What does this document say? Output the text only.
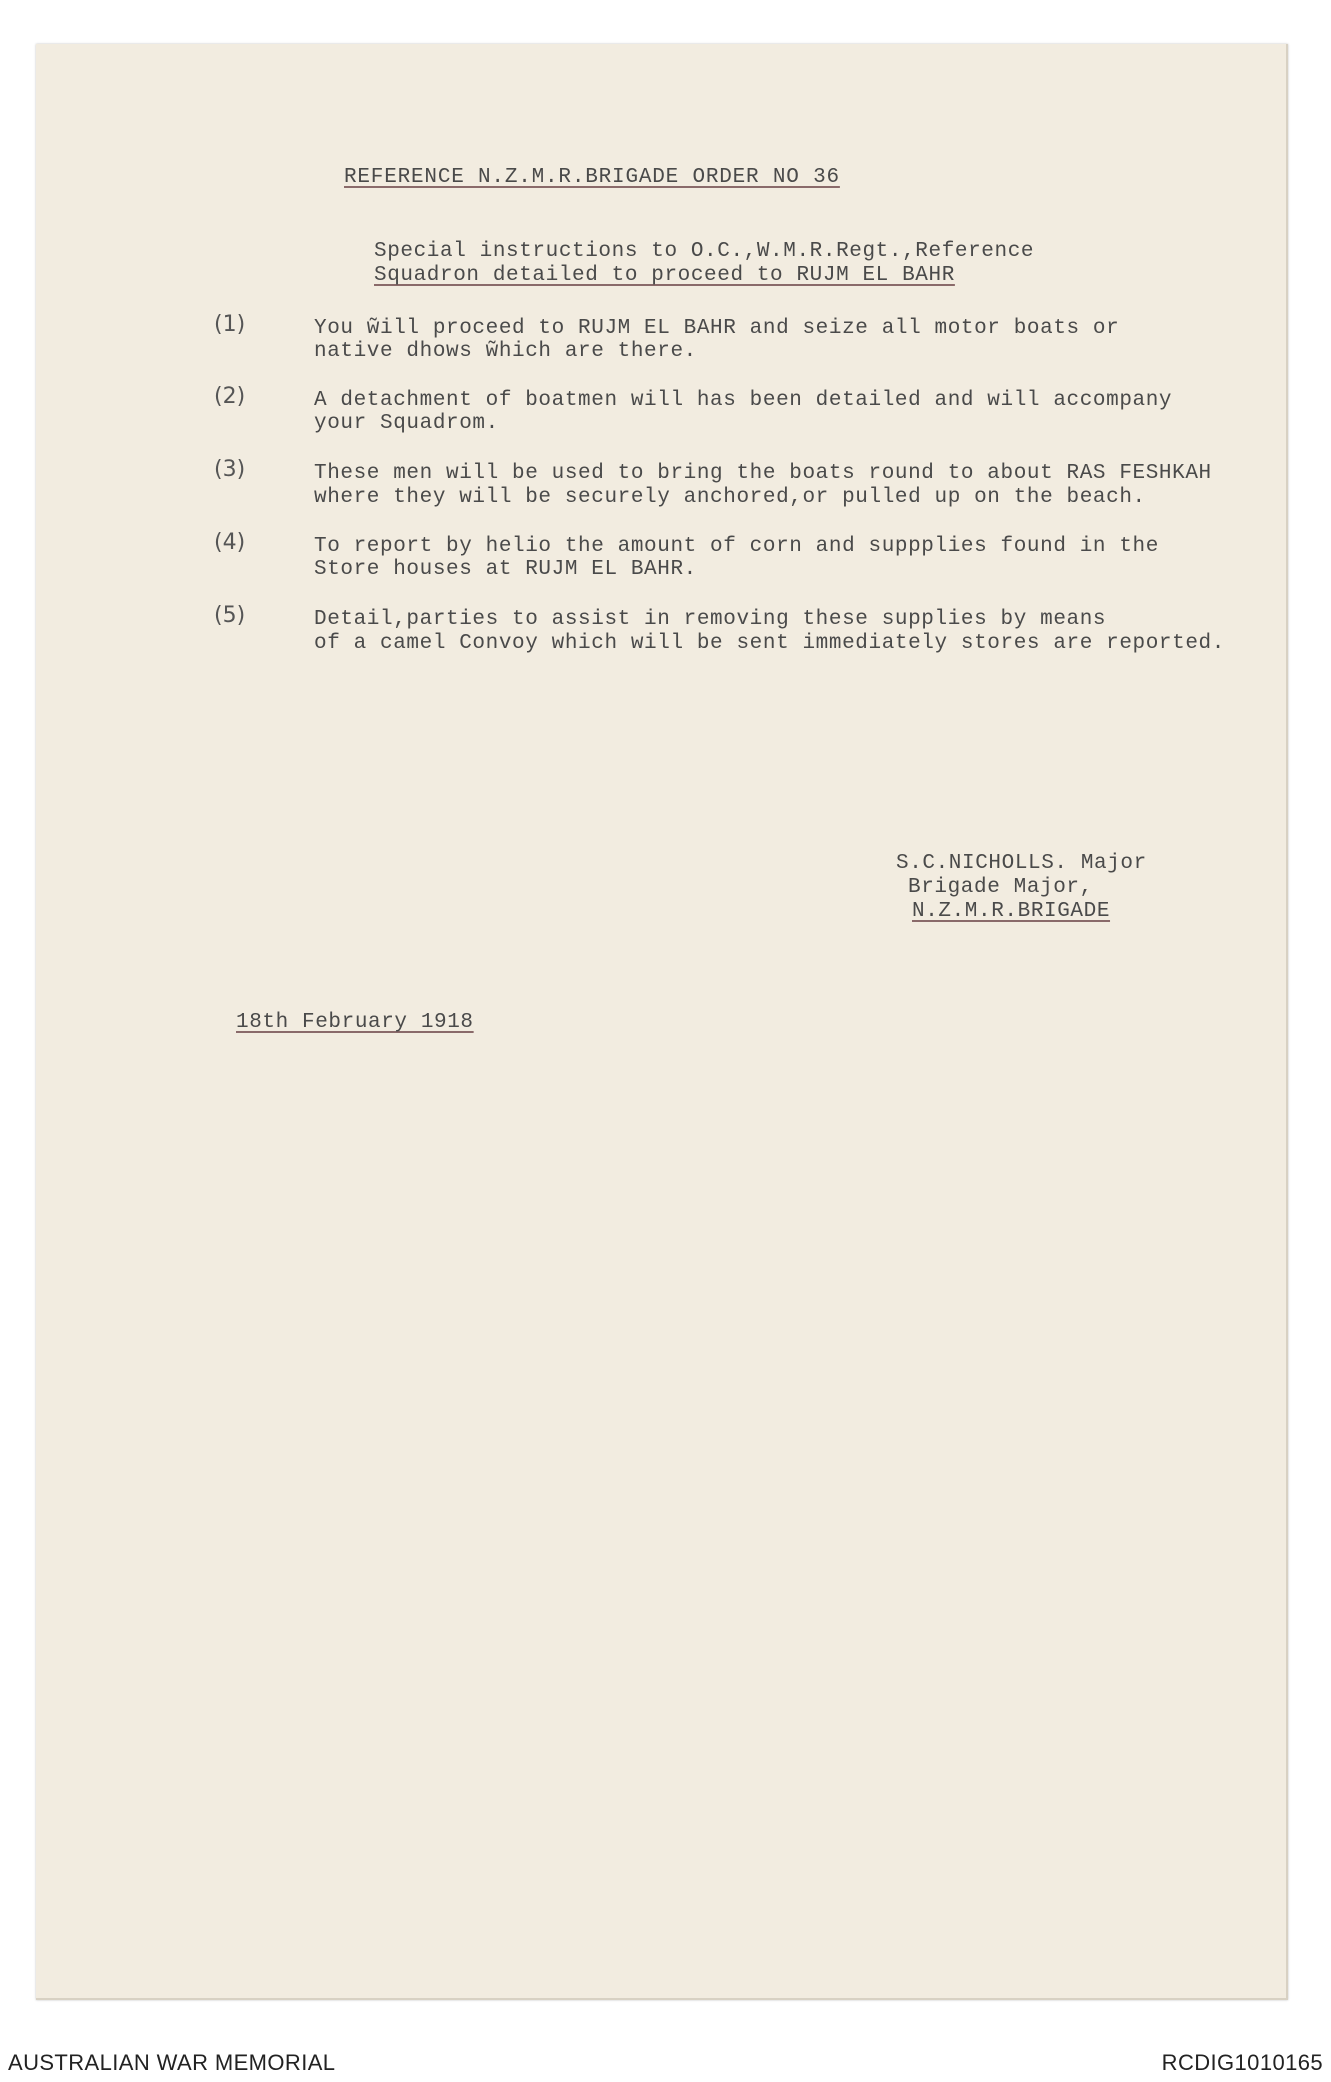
REFERENCE N.Z.M.R.BRIGADE ORDER NO 36
Special instructions to O.C.,W.M.R.Regt.,Reference
Squadron detailed to proceed to RUJM EL BAHR
(1)	You w̃ill proceed to RUJM EL BAHR and seize all motor boats or
native dhows w̃hich are there.
(2)	A detachment of boatmen will has been detailed and will accompany
your Squadrom.
(3)	These men will be used to bring the boats round to about RAS FESHKAH
where they will be securely anchored,or pulled up on the beach.
(4)	To report by helio the amount of corn and suppplies found in the
Store houses at RUJM EL BAHR.
(5)	Detail,parties to assist in removing these supplies by means
of a camel Convoy which will be sent immediately stores are reported.
S.C.NICHOLLS. Major
Brigade Major,
N.Z.M.R.BRIGADE
18th February 1918
AUSTRALIAN WAR MEMORIAL	RCDIG1010165
